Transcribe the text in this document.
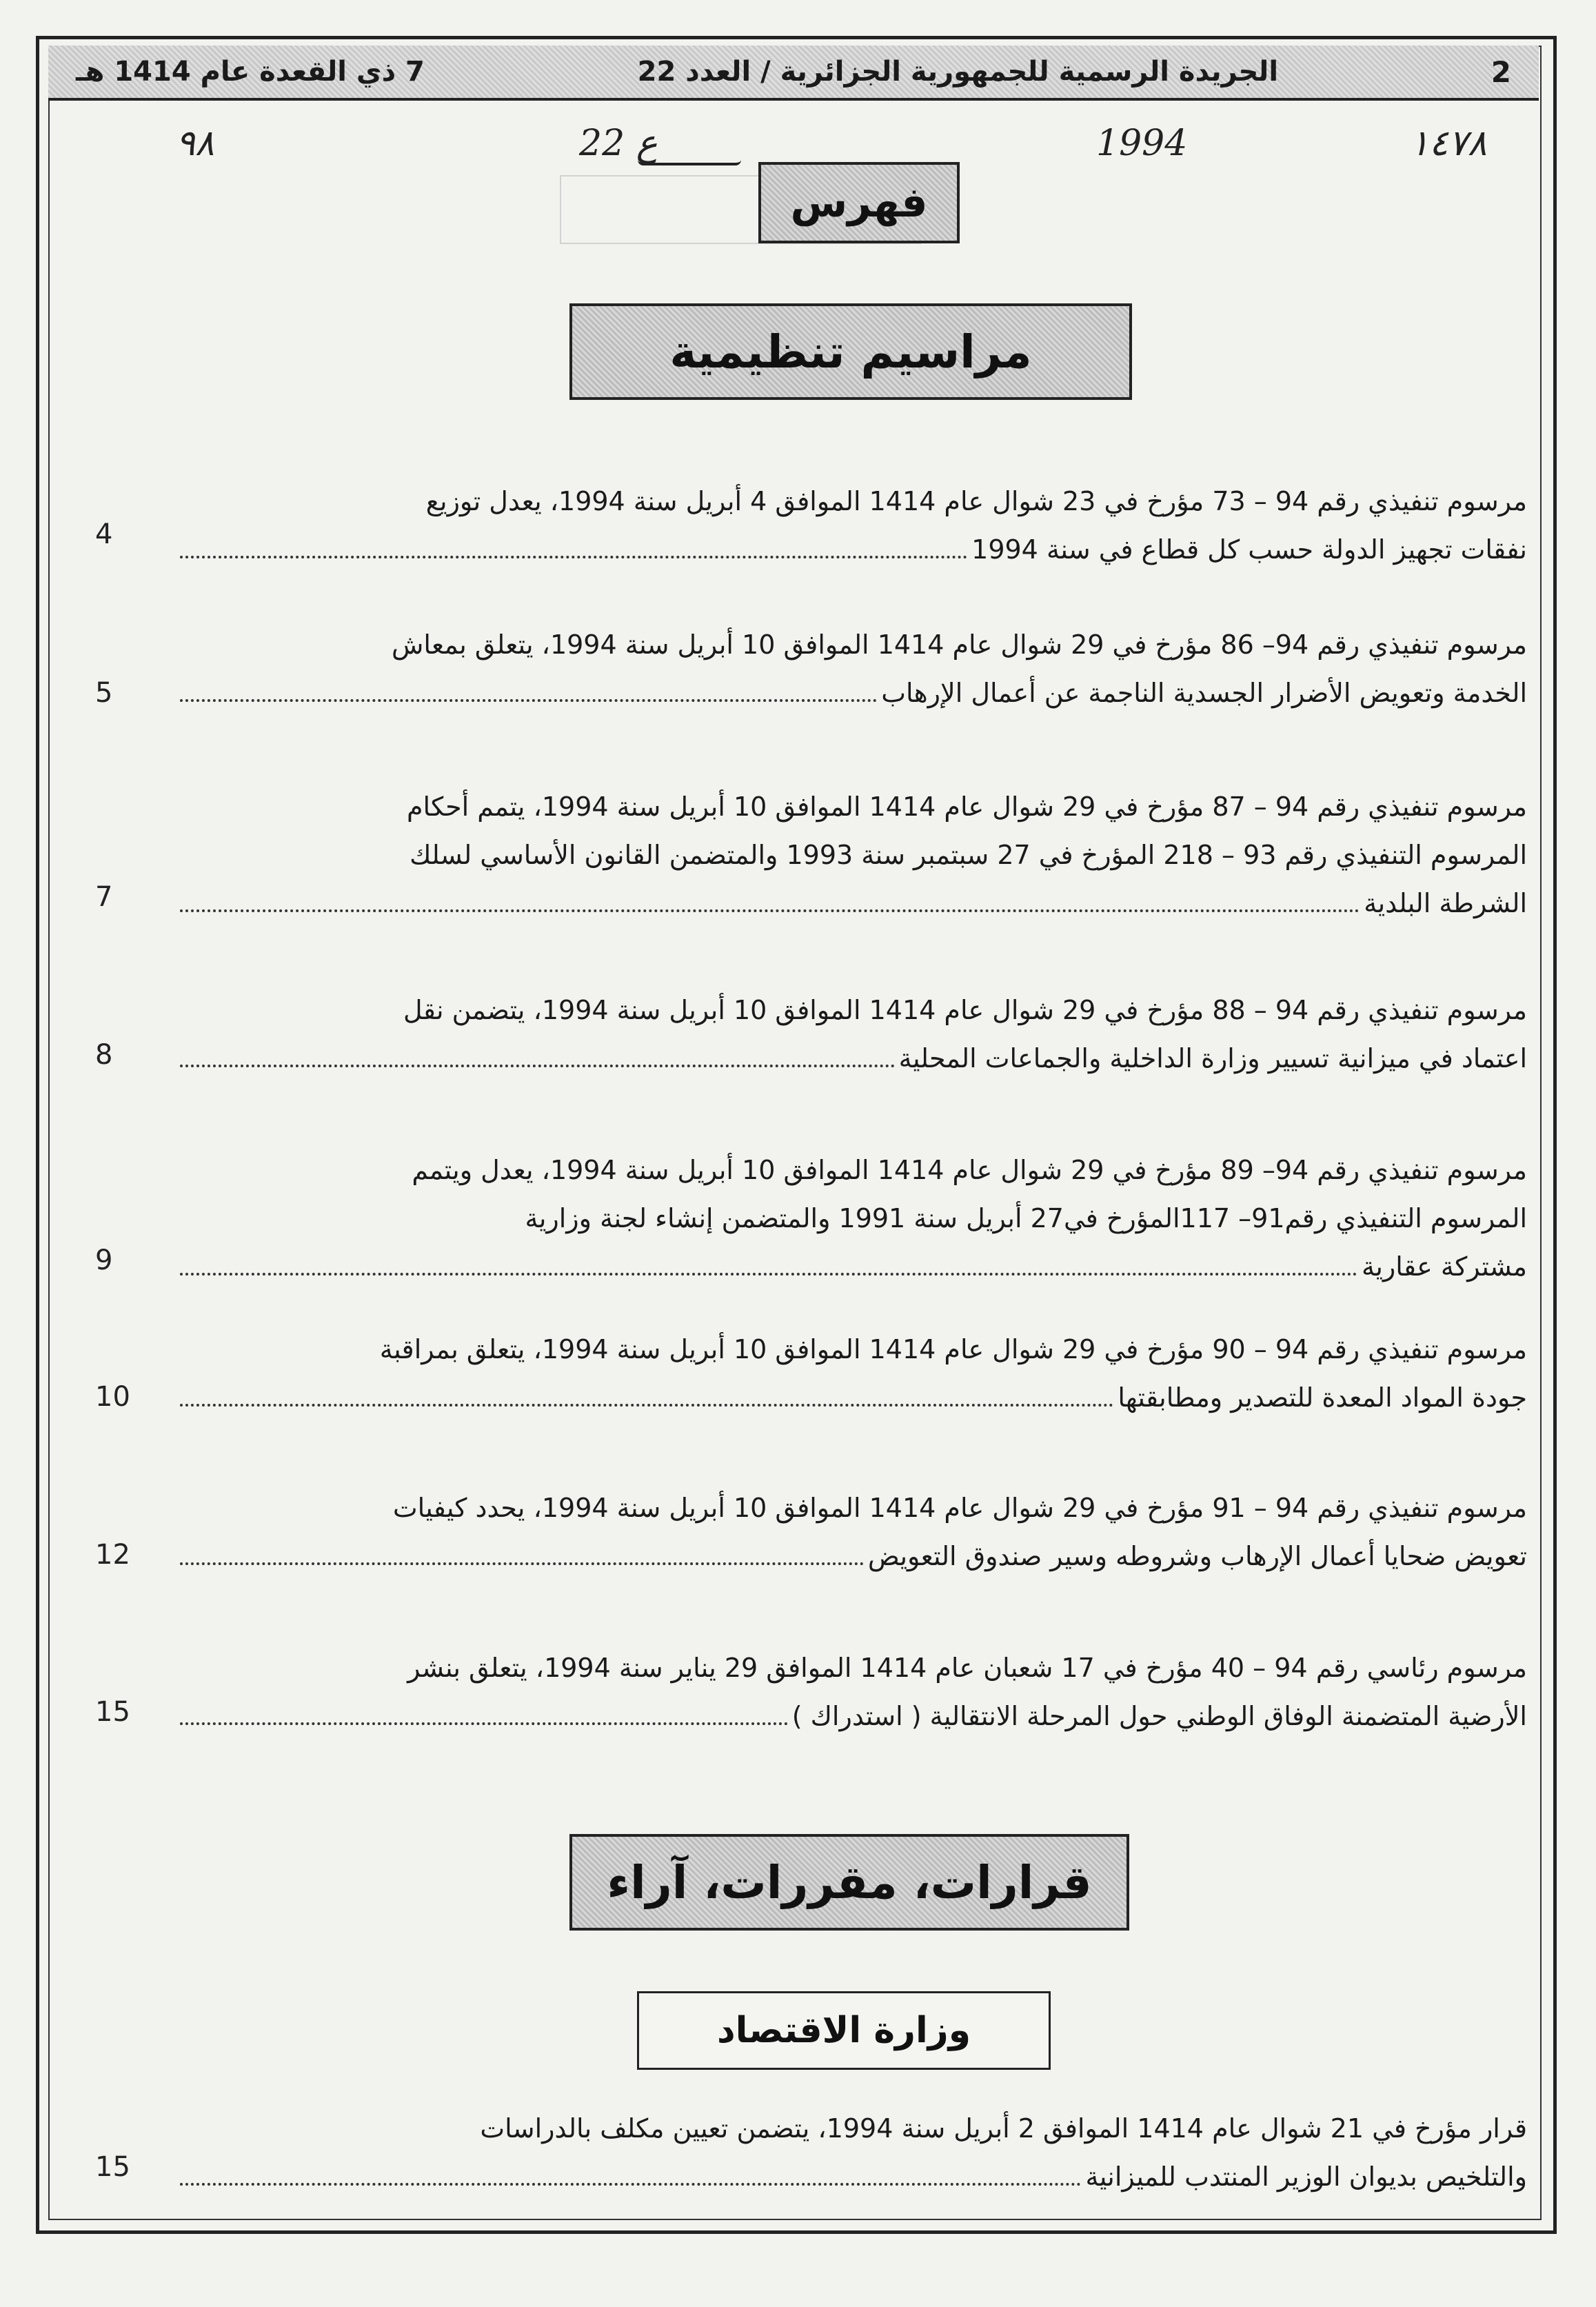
7 ذي القعدة عام 1414 هـ	الجريدة الرسمية للجمهورية الجزائرية / العدد 22	2
٩٨	22 ع	1994	١٤٧٨
فهرس
مراسيم تنظيمية
مرسوم تنفيذي رقم 94 – 73 مؤرخ في 23 شوال عام 1414 الموافق 4 أبريل سنة 1994، يعدل توزيع
نفقات تجهيز الدولة حسب كل قطاع في سنة 1994
4
مرسوم تنفيذي رقم 94– 86 مؤرخ في 29 شوال عام 1414 الموافق 10 أبريل سنة 1994، يتعلق بمعاش
الخدمة وتعويض الأضرار الجسدية الناجمة عن أعمال الإرهاب
5
مرسوم تنفيذي رقم 94 – 87 مؤرخ في 29 شوال عام 1414 الموافق 10 أبريل سنة 1994، يتمم أحكام
المرسوم التنفيذي رقم 93 – 218 المؤرخ في 27 سبتمبر سنة 1993 والمتضمن القانون الأساسي لسلك
الشرطة البلدية
7
مرسوم تنفيذي رقم 94 – 88 مؤرخ في 29 شوال عام 1414 الموافق 10 أبريل سنة 1994، يتضمن نقل
اعتماد في ميزانية تسيير وزارة الداخلية والجماعات المحلية
8
مرسوم تنفيذي رقم 94– 89 مؤرخ في 29 شوال عام 1414 الموافق 10 أبريل سنة 1994، يعدل ويتمم
المرسوم التنفيذي رقم91– 117المؤرخ في27 أبريل سنة 1991 والمتضمن إنشاء لجنة وزارية
مشتركة عقارية
9
مرسوم تنفيذي رقم 94 – 90 مؤرخ في 29 شوال عام 1414 الموافق 10 أبريل سنة 1994، يتعلق بمراقبة
جودة المواد المعدة للتصدير ومطابقتها
10
مرسوم تنفيذي رقم 94 – 91 مؤرخ في 29 شوال عام 1414 الموافق 10 أبريل سنة 1994، يحدد كيفيات
تعويض ضحايا أعمال الإرهاب وشروطه وسير صندوق التعويض
12
مرسوم رئاسي رقم 94 – 40 مؤرخ في 17 شعبان عام 1414 الموافق 29 يناير سنة 1994، يتعلق بنشر
الأرضية المتضمنة الوفاق الوطني حول المرحلة الانتقالية ( استدراك )
15
قرارات، مقررات، آراء
وزارة الاقتصاد
قرار مؤرخ في 21 شوال عام 1414 الموافق 2 أبريل سنة 1994، يتضمن تعيين مكلف بالدراسات
والتلخيص بديوان الوزير المنتدب للميزانية
15
